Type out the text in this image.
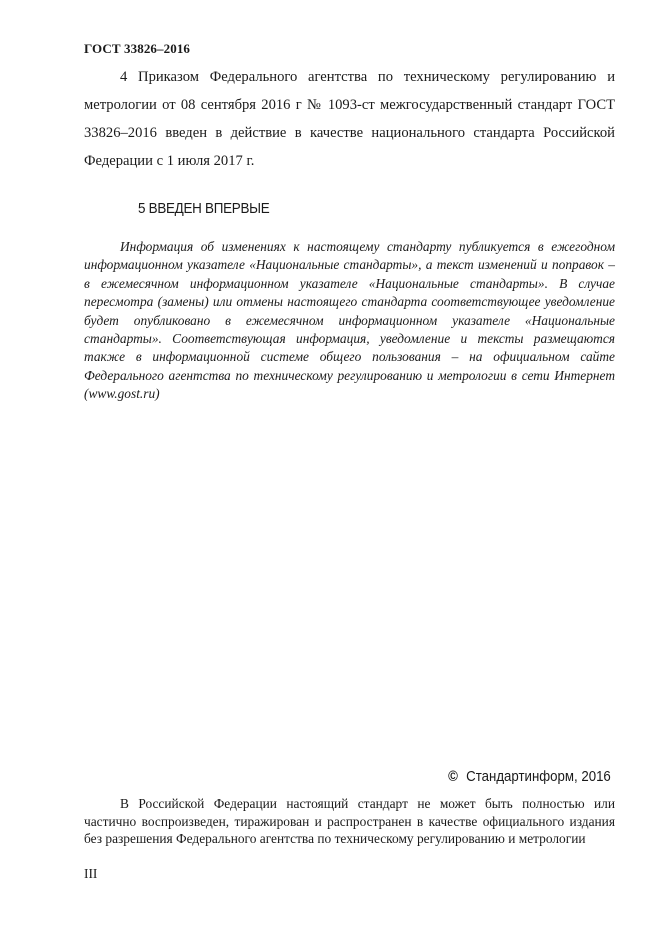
ГОСТ 33826–2016

4 Приказом Федерального агентства по техническому регулированию и метрологии от 08 сентября 2016 г № 1093-ст межгосударственный стандарт ГОСТ 33826–2016 введен в действие в качестве национального стандарта Российской Федерации с 1 июля 2017 г.

5 ВВЕДЕН ВПЕРВЫЕ

Информация об изменениях к настоящему стандарту публикуется в ежегодном информационном указателе «Национальные стандарты», а текст изменений и поправок – в ежемесячном информационном указателе «Национальные стандарты». В случае пересмотра (замены) или отмены настоящего стандарта соответствующее уведомление будет опубликовано в ежемесячном информационном указателе «Национальные стандарты». Соответствующая информация, уведомление и тексты размещаются также в информационной системе общего пользования – на официальном сайте Федерального агентства по техническому регулированию и метрологии в сети Интернет (www.gost.ru)

© Стандартинформ, 2016

В Российской Федерации настоящий стандарт не может быть полностью или частично воспроизведен, тиражирован и распространен в качестве официального издания без разрешения Федерального агентства по техническому регулированию и метрологии

III
